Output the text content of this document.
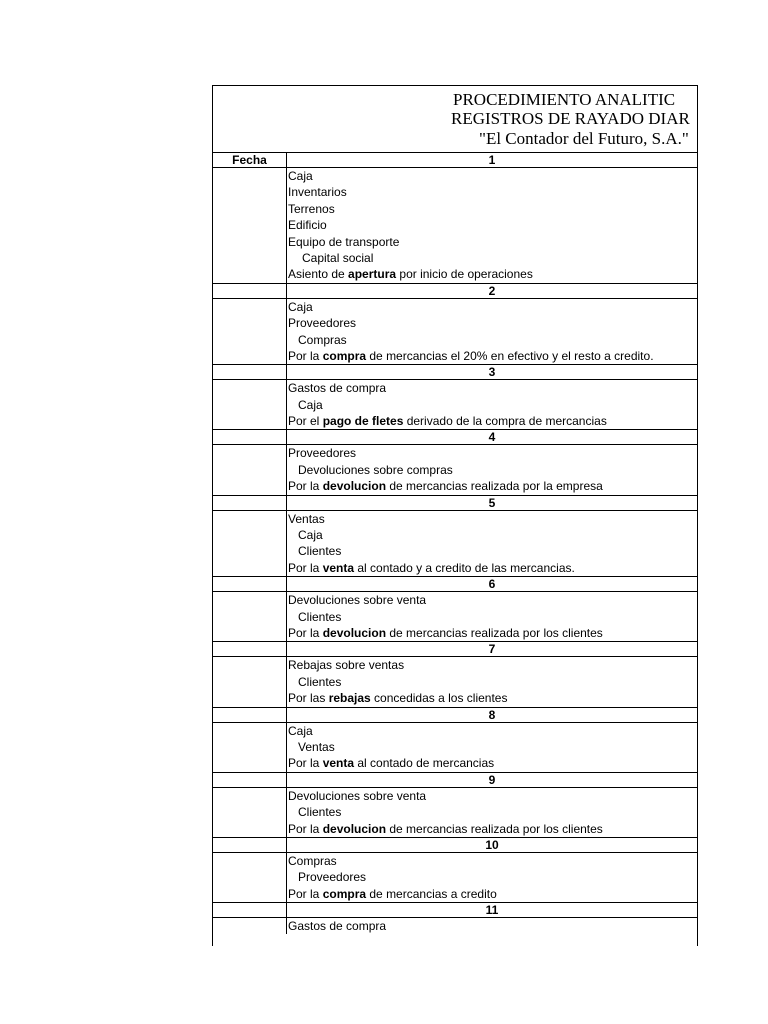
PROCEDIMIENTO ANALITIC
REGISTROS DE RAYADO DIAR
"El Contador del Futuro, S.A."
Fecha	1
Caja
Inventarios
Terrenos
Edificio
Equipo de transporte
Capital social
Asiento de apertura por inicio de operaciones
2
Caja
Proveedores
Compras
Por la compra de mercancias el 20% en efectivo y el resto a credito.
3
Gastos de compra
Caja
Por el pago de fletes derivado de la compra de mercancias
4
Proveedores
Devoluciones sobre compras
Por la devolucion de mercancias realizada por la empresa
5
Ventas
Caja
Clientes
Por la venta al contado y a credito de las mercancias.
6
Devoluciones sobre venta
Clientes
Por la devolucion de mercancias realizada por los clientes
7
Rebajas sobre ventas
Clientes
Por las rebajas concedidas a los clientes
8
Caja
Ventas
Por la venta al contado de mercancias
9
Devoluciones sobre venta
Clientes
Por la devolucion de mercancias realizada por los clientes
10
Compras
Proveedores
Por la compra de mercancias a credito
11
Gastos de compra
